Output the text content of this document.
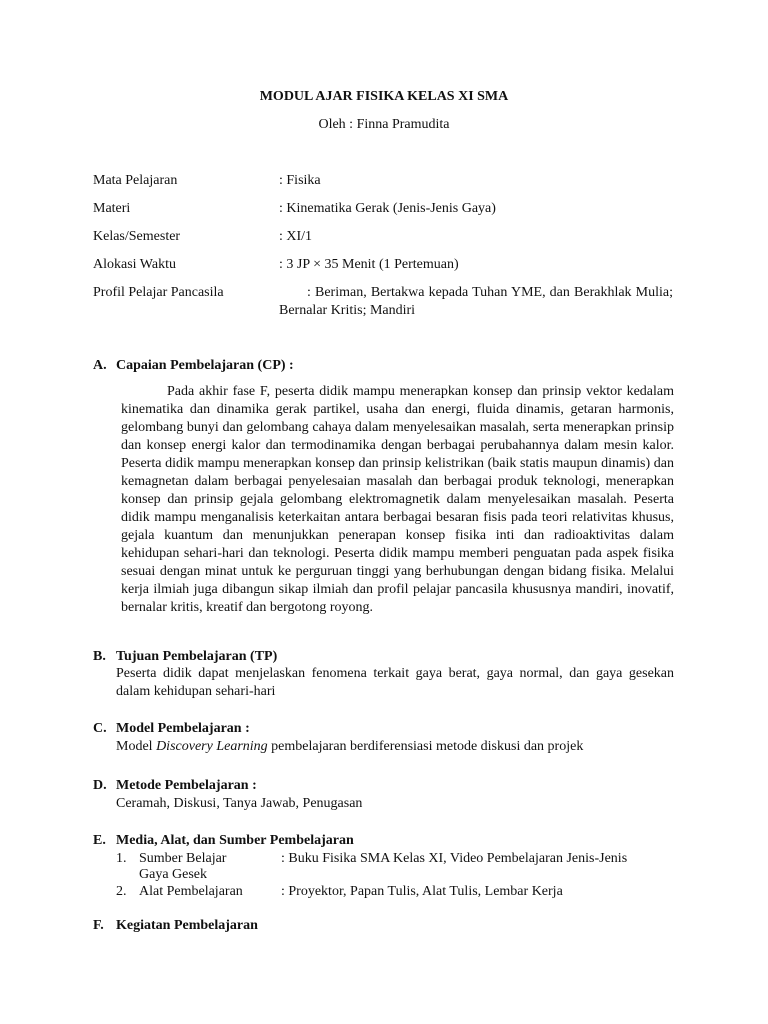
MODUL AJAR FISIKA KELAS XI SMA
Oleh : Finna Pramudita
Mata Pelajaran	: Fisika
Materi	: Kinematika Gerak (Jenis-Jenis Gaya)
Kelas/Semester	: XI/1
Alokasi Waktu	: 3 JP × 35 Menit (1 Pertemuan)
Profil Pelajar Pancasila	: Beriman, Bertakwa kepada Tuhan YME, dan Berakhlak Mulia; Bernalar Kritis; Mandiri
A. Capaian Pembelajaran (CP) :
Pada akhir fase F, peserta didik mampu menerapkan konsep dan prinsip vektor kedalam kinematika dan dinamika gerak partikel, usaha dan energi, fluida dinamis, getaran harmonis, gelombang bunyi dan gelombang cahaya dalam menyelesaikan masalah, serta menerapkan prinsip dan konsep energi kalor dan termodinamika dengan berbagai perubahannya dalam mesin kalor. Peserta didik mampu menerapkan konsep dan prinsip kelistrikan (baik statis maupun dinamis) dan kemagnetan dalam berbagai penyelesaian masalah dan berbagai produk teknologi, menerapkan konsep dan prinsip gejala gelombang elektromagnetik dalam menyelesaikan masalah. Peserta didik mampu menganalisis keterkaitan antara berbagai besaran fisis pada teori relativitas khusus, gejala kuantum dan menunjukkan penerapan konsep fisika inti dan radioaktivitas dalam kehidupan sehari-hari dan teknologi. Peserta didik mampu memberi penguatan pada aspek fisika sesuai dengan minat untuk ke perguruan tinggi yang berhubungan dengan bidang fisika. Melalui kerja ilmiah juga dibangun sikap ilmiah dan profil pelajar pancasila khususnya mandiri, inovatif, bernalar kritis, kreatif dan bergotong royong.
B. Tujuan Pembelajaran (TP)
Peserta didik dapat menjelaskan fenomena terkait gaya berat, gaya normal, dan gaya gesekan dalam kehidupan sehari-hari
C. Model Pembelajaran :
Model Discovery Learning pembelajaran berdiferensiasi metode diskusi dan projek
D. Metode Pembelajaran :
Ceramah, Diskusi, Tanya Jawab, Penugasan
E. Media, Alat, dan Sumber Pembelajaran
1. Sumber Belajar	: Buku Fisika SMA Kelas XI, Video Pembelajaran Jenis-Jenis
Gaya Gesek
2. Alat Pembelajaran	: Proyektor, Papan Tulis, Alat Tulis, Lembar Kerja
F. Kegiatan Pembelajaran
